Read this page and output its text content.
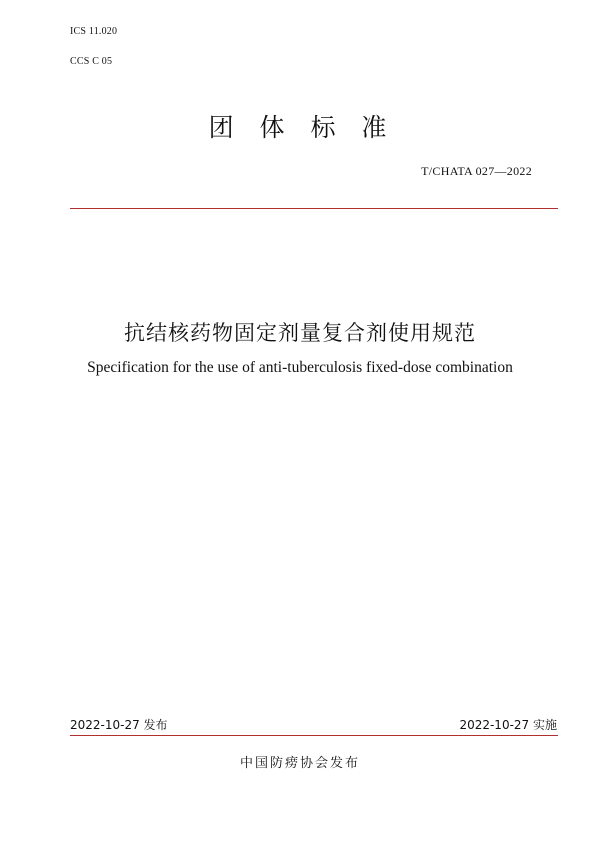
ICS 11.020
CCS C 05
团 体 标 准
T/CHATA 027—2022
抗结核药物固定剂量复合剂使用规范
Specification for the use of anti-tuberculosis fixed-dose combination
2022-10-27 发布	2022-10-27 实施
中国防痨协会发布
